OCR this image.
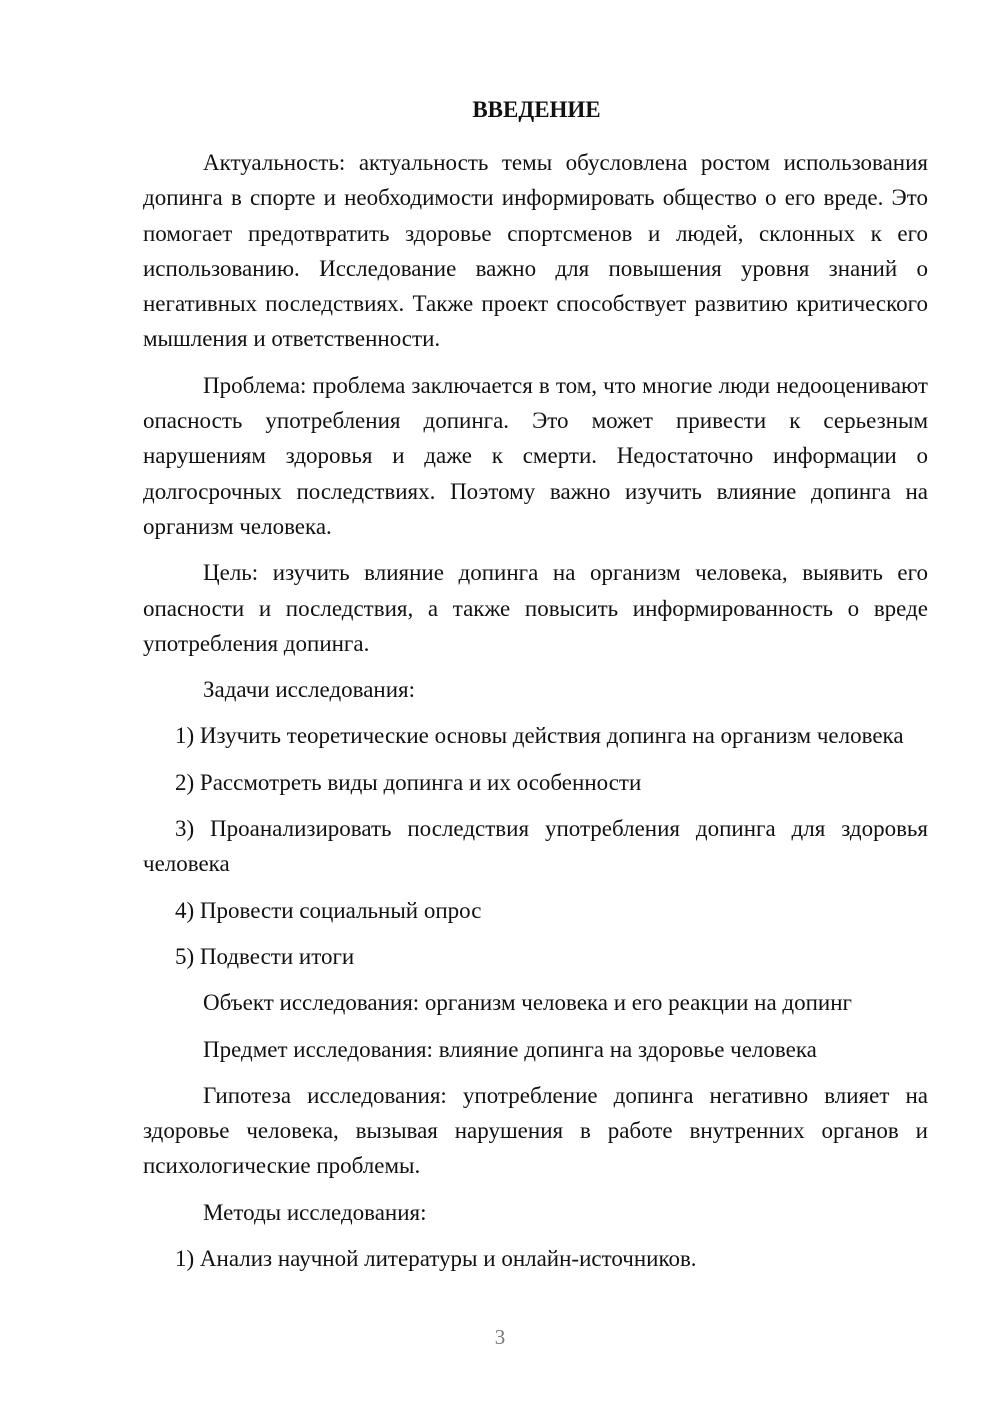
ВВЕДЕНИЕ

Актуальность: актуальность темы обусловлена ростом использования допинга в спорте и необходимости информировать общество о его вреде. Это помогает предотвратить здоровье спортсменов и людей, склонных к его использованию. Исследование важно для повышения уровня знаний о негативных последствиях. Также проект способствует развитию критического мышления и ответственности.

Проблема: проблема заключается в том, что многие люди недооценивают опасность употребления допинга. Это может привести к серьезным нарушениям здоровья и даже к смерти. Недостаточно информации о долгосрочных последствиях. Поэтому важно изучить влияние допинга на организм человека.

Цель: изучить влияние допинга на организм человека, выявить его опасности и последствия, а также повысить информированность о вреде употребления допинга.

Задачи исследования:

1) Изучить теоретические основы действия допинга на организм человека

2) Рассмотреть виды допинга и их особенности

3) Проанализировать последствия употребления допинга для здоровья человека

4) Провести социальный опрос

5) Подвести итоги

Объект исследования: организм человека и его реакции на допинг

Предмет исследования: влияние допинга на здоровье человека

Гипотеза исследования: употребление допинга негативно влияет на здоровье человека, вызывая нарушения в работе внутренних органов и психологические проблемы.

Методы исследования:

1) Анализ научной литературы и онлайн-источников.

3
